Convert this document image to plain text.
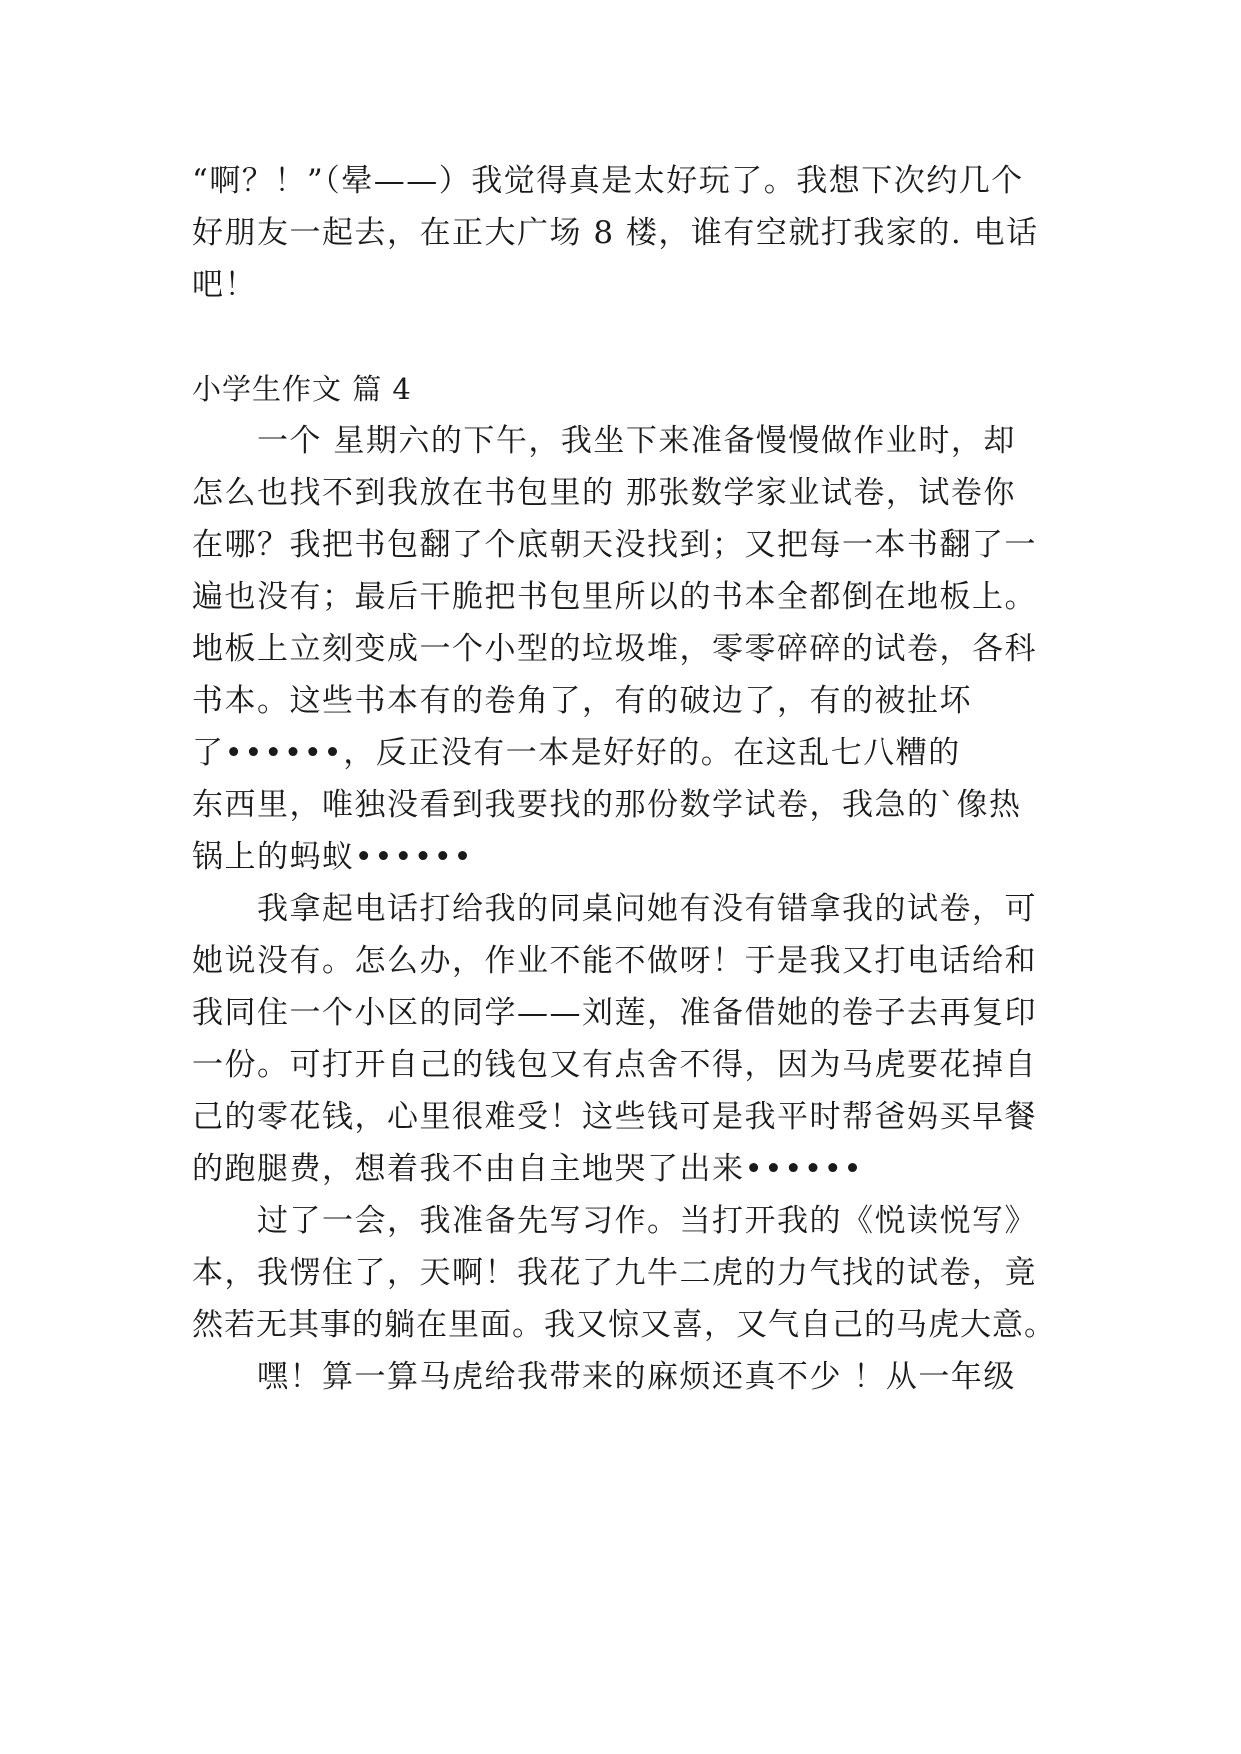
“啊？！”（晕——）我觉得真是太好玩了。我想下次约几个
好朋友一起去，在正大广场 8 楼，谁有空就打我家的. 电话
吧！
小学生作文 篇 4
一个 星期六的下午，我坐下来准备慢慢做作业时，却
怎么也找不到我放在书包里的 那张数学家业试卷，试卷你
在哪？我把书包翻了个底朝天没找到；又把每一本书翻了一
遍也没有；最后干脆把书包里所以的书本全都倒在地板上。
地板上立刻变成一个小型的垃圾堆，零零碎碎的试卷，各科
书本。这些书本有的卷角了，有的破边了，有的被扯坏
了••••••，反正没有一本是好好的。在这乱七八糟的
东西里，唯独没看到我要找的那份数学试卷，我急的`像热
锅上的蚂蚁••••••
我拿起电话打给我的同桌问她有没有错拿我的试卷，可
她说没有。怎么办，作业不能不做呀！于是我又打电话给和
我同住一个小区的同学——刘莲，准备借她的卷子去再复印
一份。可打开自己的钱包又有点舍不得，因为马虎要花掉自
己的零花钱，心里很难受！这些钱可是我平时帮爸妈买早餐
的跑腿费，想着我不由自主地哭了出来••••••
过了一会，我准备先写习作。当打开我的《悦读悦写》
本，我愣住了，天啊！我花了九牛二虎的力气找的试卷，竟
然若无其事的躺在里面。我又惊又喜，又气自己的马虎大意。
嘿！算一算马虎给我带来的麻烦还真不少 ！从一年级
